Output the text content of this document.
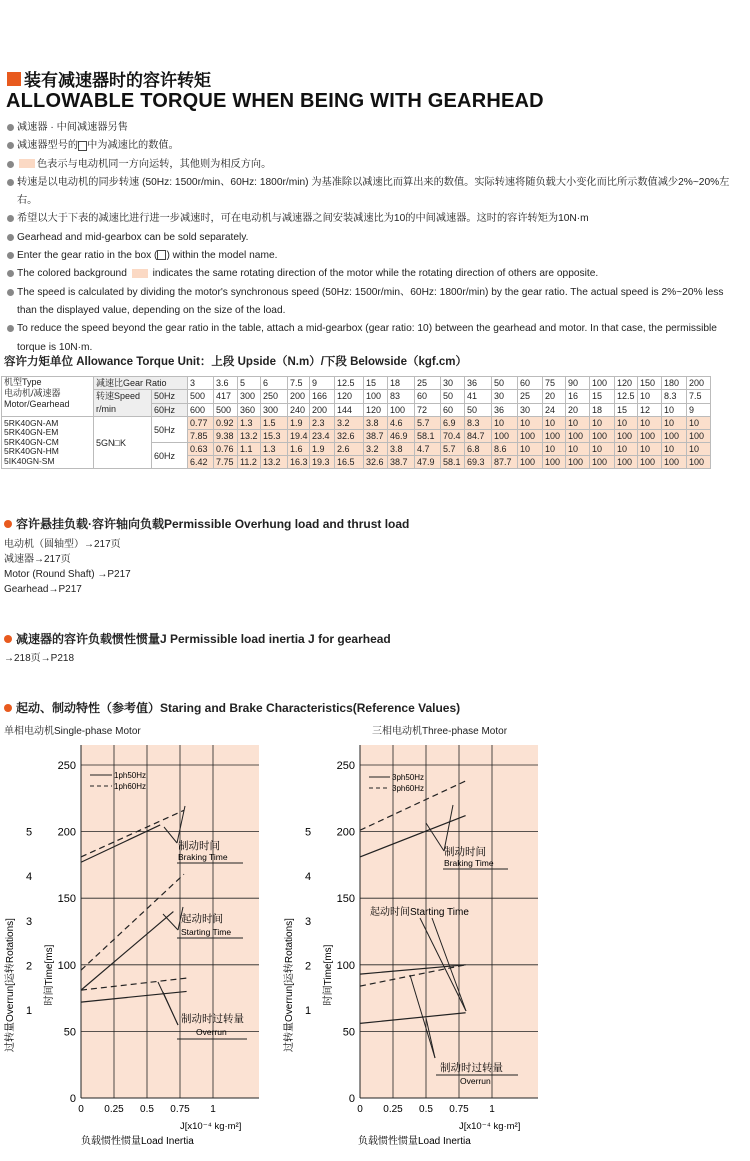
装有减速器时的容许转矩
ALLOWABLE TORQUE WHEN BEING WITH GEARHEAD
减速器 · 中间减速器另售
减速器型号的 中为减速比的数值。
色表示与电动机同一方向运转，其他则为相反方向。
转速是以电动机的同步转速 (50Hz: 1500r/min、60Hz: 1800r/min) 为基准除以减速比而算出来的数值。实际转速将随负载大小变化而比所示数值减少2%~20%左右。
希望以大于下表的减速比进行进一步减速时，可在电动机与减速器之间安装减速比为10的中间减速器。这时的容许转矩为10N·m
Gearhead and mid-gearbox can be sold separately.
Enter the gear ratio in the box ( ) within the model name.
The colored background	indicates the same rotating direction of the motor while the rotating direction of others are opposite.
The speed is calculated by dividing the motor's synchronous speed (50Hz: 1500r/min、60Hz: 1800r/min) by the gear ratio. The actual speed is 2%~20% less than the displayed value, depending on the size of the load.
To reduce the speed beyond the gear ratio in the table, attach a mid-gearbox (gear ratio: 10) between the gearhead and motor. In that case, the permissible torque is 10N·m.
容许力矩单位 Allowance Torque Unit：上段 Upside（N.m）/下段 Belowside（kgf.cm）
机型Type
电动机/减速器
Motor/Gearhead	减速比Gear Ratio		3	3.6	5	6	7.5	9	12.5	15	18	25	30	36	50	60	75	90	100	120	150	180	200

	转速Speed
r/min	50Hz	500	417	300	250	200	166	120	100	83	60	50	41	30	25	20	16	15	12.5	10	8.3	7.5
		60Hz	600	500	360	300	240	200	144	120	100	72	60	50	36	30	24	20	18	15	12	10	9

5RK40GN-AM
5RK40GN-EM
5RK40GN-CM
5RK40GN-HM
5IK40GN-SM	5GN□K	50Hz	0.77	0.92	1.3	1.5	1.9	2.3	3.2	3.8	4.6	5.7	6.9	8.3	10	10	10	10	10	10	10	10	10
			7.85	9.38	13.2	15.3	19.4	23.4	32.6	38.7	46.9	58.1	70.4	84.7	100	100	100	100	100	100	100	100	100
		60Hz	0.63	0.76	1.1	1.3	1.6	1.9	2.6	3.2	3.8	4.7	5.7	6.8	8.6	10	10	10	10	10	10	10	10
			6.42	7.75	11.2	13.2	16.3	19.3	16.5	32.6	38.7	47.9	58.1	69.3	87.7	100	100	100	100	100	100	100	100
容许悬挂负载·容许轴向负载Permissible Overhung load and thrust load
电动机（圆轴型）→217页
减速器→217页
Motor (Round Shaft) →P217
Gearhead→P217
减速器的容许负载惯性惯量J Permissible load inertia J for gearhead
→218页→P218
起动、制动特性（参考值）Staring and Brake Characteristics(Reference Values)
单相电动机Single-phase Motor	三相电动机Three-phase Motor
250
200
150
100
50
0
0 0.25 0.5 0.75 1
5
4
3
2
1
1ph50Hz
1ph60Hz
制动时间
Braking Time
起动时间
Starting Time
制动时过转量
Overrun
250
200
150
100
50
0
0 0.25 0.5 0.75 1
5
4
3
2
1
3ph50Hz
3ph60Hz
制动时间
Braking Time
起动时间Starting Time
制动时过转量
Overrun
时间Time[ms]
过转量Overrun[运转Rotations]	时间Time[ms]
过转量Overrun[运转Rotations]
J[x10⁻⁴ kg·m²]	J[x10⁻⁴ kg·m²]
负载惯性惯量Load Inertia	负载惯性惯量Load Inertia
